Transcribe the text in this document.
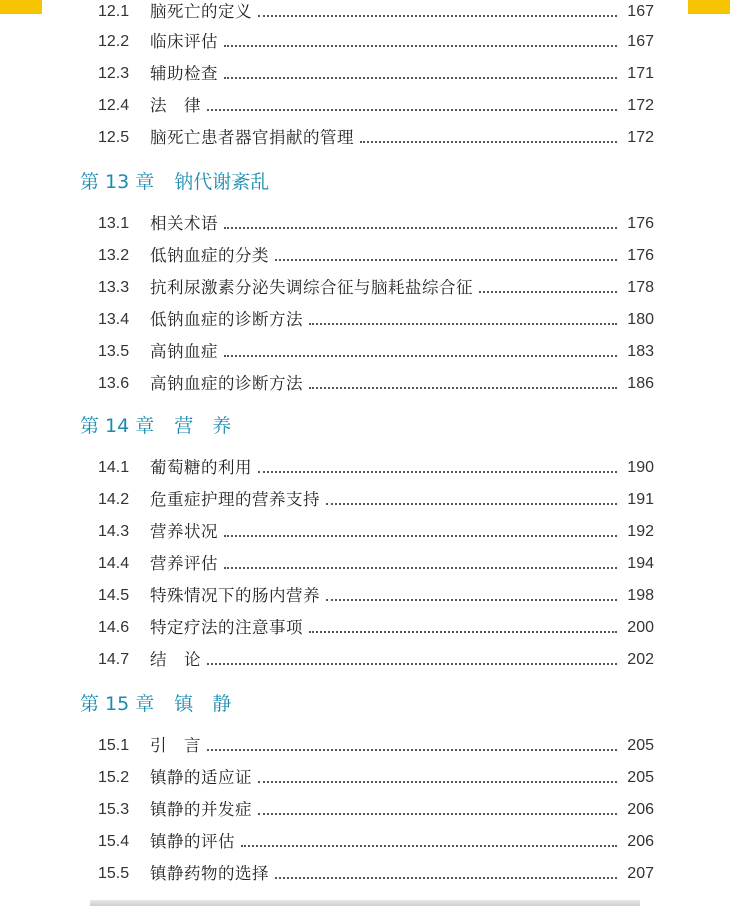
12.1	脑死亡的定义	167
12.2	临床评估	167
12.3	辅助检查	171
12.4	法　律	172
12.5	脑死亡患者器官捐献的管理	172
第 13 章 钠代谢紊乱
13.1	相关术语	176
13.2	低钠血症的分类	176
13.3	抗利尿激素分泌失调综合征与脑耗盐综合征	178
13.4	低钠血症的诊断方法	180
13.5	高钠血症	183
13.6	高钠血症的诊断方法	186
第 14 章 营　养
14.1	葡萄糖的利用	190
14.2	危重症护理的营养支持	191
14.3	营养状况	192
14.4	营养评估	194
14.5	特殊情况下的肠内营养	198
14.6	特定疗法的注意事项	200
14.7	结　论	202
第 15 章 镇　静
15.1	引　言	205
15.2	镇静的适应证	205
15.3	镇静的并发症	206
15.4	镇静的评估	206
15.5	镇静药物的选择	207
